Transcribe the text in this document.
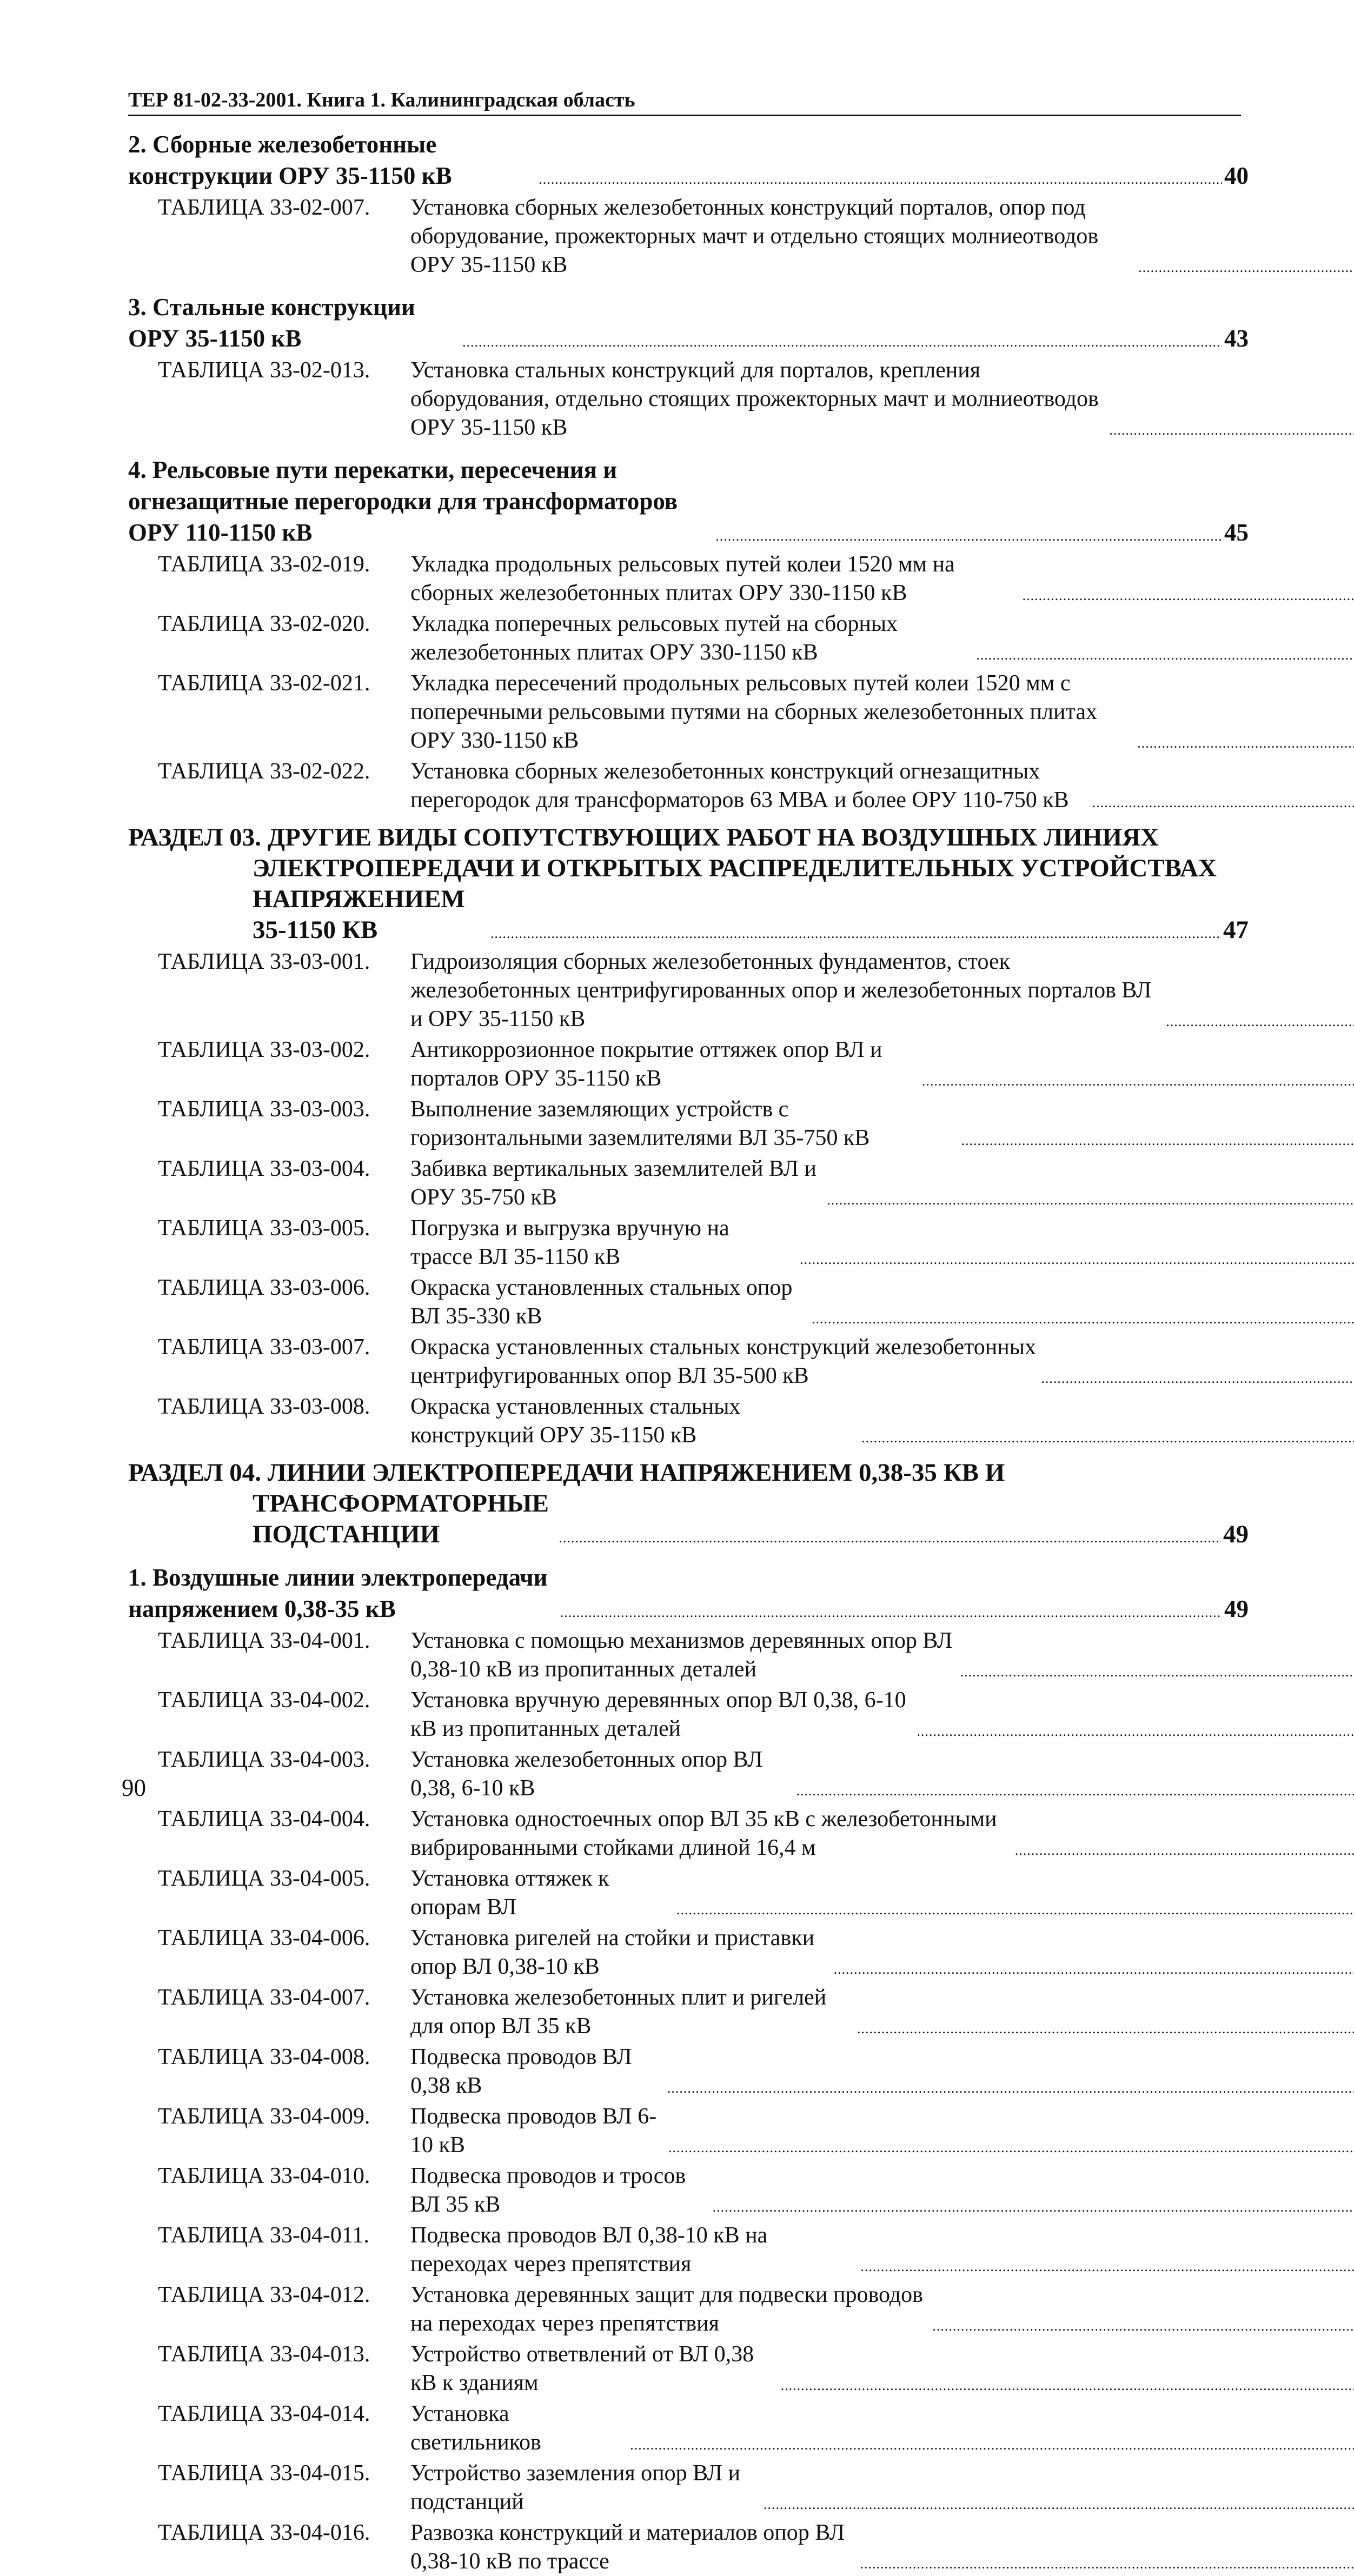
ТЕР 81-02-33-2001. Книга 1. Калининградская область
2. Сборные железобетонные конструкции ОРУ 35-1150 кВ .....	40
ТАБЛИЦА 33-02-007.	Установка сборных железобетонных конструкций порталов, опор под оборудование, прожекторных мачт и отдельно стоящих молниеотводов ОРУ 35-1150 кВ
.....
3. Стальные конструкции ОРУ 35-1150 кВ .....	43
ТАБЛИЦА 33-02-013.	Установка стальных конструкций для порталов, крепления оборудования, отдельно стоящих прожекторных мачт и молниеотводов ОРУ 35-1150 кВ
.....
4. Рельсовые пути перекатки, пересечения и огнезащитные перегородки для трансформаторов ОРУ 110-1150 кВ .....	45
ТАБЛИЦА 33-02-019.	Укладка продольных рельсовых путей колеи 1520 мм на сборных железобетонных плитах ОРУ 330-1150 кВ
.....
ТАБЛИЦА 33-02-020.	Укладка поперечных рельсовых путей на сборных железобетонных плитах ОРУ 330-1150 кВ
.....
ТАБЛИЦА 33-02-021.	Укладка пересечений продольных рельсовых путей колеи 1520 мм с поперечными рельсовыми путями на сборных железобетонных плитах ОРУ 330-1150 кВ
.....
ТАБЛИЦА 33-02-022.	Установка сборных железобетонных конструкций огнезащитных перегородок для трансформаторов 63 МВА и более ОРУ 110-750 кВ
.....
РАЗДЕЛ 03. ДРУГИЕ ВИДЫ СОПУТСТВУЮЩИХ РАБОТ НА ВОЗДУШНЫХ ЛИНИЯХ
ЭЛЕКТРОПЕРЕДАЧИ И ОТКРЫТЫХ РАСПРЕДЕЛИТЕЛЬНЫХ УСТРОЙСТВАХ
НАПРЯЖЕНИЕМ 35-1150 КВ .....	47
ТАБЛИЦА 33-03-001.	Гидроизоляция сборных железобетонных фундаментов, стоек железобетонных центрифугированных опор и железобетонных порталов ВЛ и ОРУ 35-1150 кВ
.....
ТАБЛИЦА 33-03-002.	Антикоррозионное покрытие оттяжек опор ВЛ и порталов ОРУ 35-1150 кВ
.....
ТАБЛИЦА 33-03-003.	Выполнение заземляющих устройств с горизонтальными заземлителями ВЛ 35-750 кВ
.....
ТАБЛИЦА 33-03-004.	Забивка вертикальных заземлителей ВЛ и ОРУ 35-750 кВ
.....
ТАБЛИЦА 33-03-005.	Погрузка и выгрузка вручную на трассе ВЛ 35-1150 кВ
.....
ТАБЛИЦА 33-03-006.	Окраска установленных стальных опор ВЛ 35-330 кВ
.....
ТАБЛИЦА 33-03-007.	Окраска установленных стальных конструкций железобетонных центрифугированных опор ВЛ 35-500 кВ
.....
ТАБЛИЦА 33-03-008.	Окраска установленных стальных конструкций ОРУ 35-1150 кВ
.....
РАЗДЕЛ 04. ЛИНИИ ЭЛЕКТРОПЕРЕДАЧИ НАПРЯЖЕНИЕМ 0,38-35 КВ И
ТРАНСФОРМАТОРНЫЕ ПОДСТАНЦИИ .....	49
1. Воздушные линии электропередачи напряжением 0,38-35 кВ .....	49
ТАБЛИЦА 33-04-001.	Установка с помощью механизмов деревянных опор ВЛ 0,38-10 кВ из пропитанных деталей
.....
ТАБЛИЦА 33-04-002.	Установка вручную деревянных опор ВЛ 0,38, 6-10 кВ из пропитанных деталей
.....
ТАБЛИЦА 33-04-003.	Установка железобетонных опор ВЛ 0,38, 6-10 кВ
.....
ТАБЛИЦА 33-04-004.	Установка одностоечных опор ВЛ 35 кВ с железобетонными вибрированными стойками длиной 16,4 м
.....
ТАБЛИЦА 33-04-005.	Установка оттяжек к опорам ВЛ
.....
ТАБЛИЦА 33-04-006.	Установка ригелей на стойки и приставки опор ВЛ 0,38-10 кВ
.....
ТАБЛИЦА 33-04-007.	Установка железобетонных плит и ригелей для опор ВЛ 35 кВ
.....
ТАБЛИЦА 33-04-008.	Подвеска проводов ВЛ 0,38 кВ
.....
ТАБЛИЦА 33-04-009.	Подвеска проводов ВЛ 6-10 кВ
.....
ТАБЛИЦА 33-04-010.	Подвеска проводов и тросов ВЛ 35 кВ
.....
ТАБЛИЦА 33-04-011.	Подвеска проводов ВЛ 0,38-10 кВ на переходах через препятствия
.....
ТАБЛИЦА 33-04-012.	Установка деревянных защит для подвески проводов на переходах через препятствия
.....
ТАБЛИЦА 33-04-013.	Устройство ответвлений от ВЛ 0,38 кВ к зданиям
.....
ТАБЛИЦА 33-04-014.	Установка светильников
.....
ТАБЛИЦА 33-04-015.	Устройство заземления опор ВЛ и подстанций
.....
ТАБЛИЦА 33-04-016.	Развозка конструкций и материалов опор ВЛ 0,38-10 кВ по трассе
.....
90
